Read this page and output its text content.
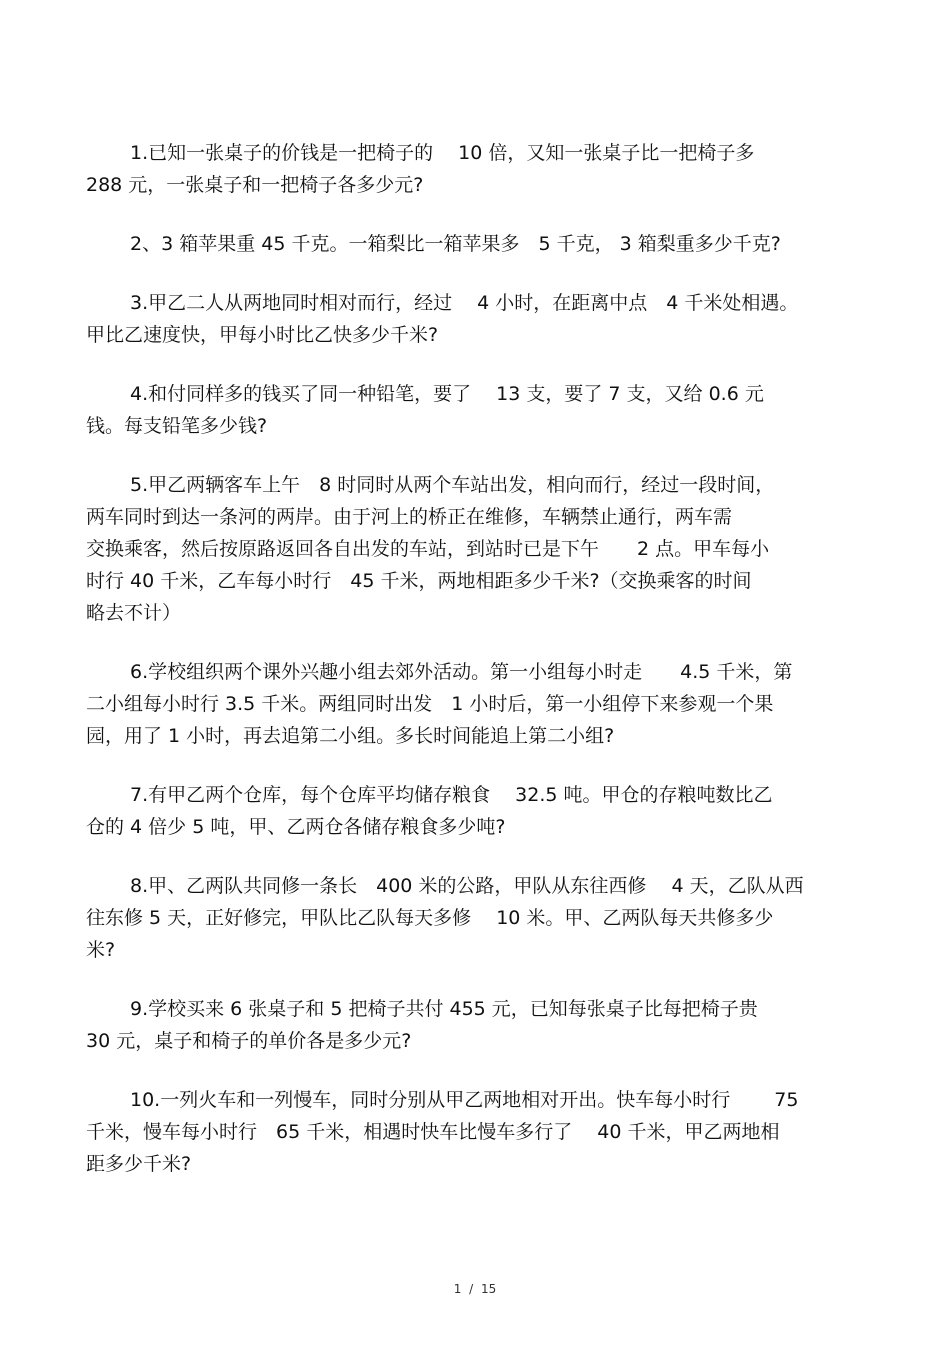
1.已知一张桌子的价钱是一把椅子的　 10 倍，又知一张桌子比一把椅子多
288 元，一张桌子和一把椅子各多少元?
2、3 箱苹果重 45 千克。一箱梨比一箱苹果多　5 千克， 3 箱梨重多少千克?
3.甲乙二人从两地同时相对而行，经过　 4 小时，在距离中点　4 千米处相遇。
甲比乙速度快，甲每小时比乙快多少千米?
4.和付同样多的钱买了同一种铅笔，要了　 13 支，要了 7 支，又给 0.6 元
钱。每支铅笔多少钱?
5.甲乙两辆客车上午　8 时同时从两个车站出发，相向而行，经过一段时间，
两车同时到达一条河的两岸。由于河上的桥正在维修，车辆禁止通行，两车需
交换乘客，然后按原路返回各自出发的车站，到站时已是下午　　2 点。甲车每小
时行 40 千米，乙车每小时行　45 千米，两地相距多少千米?（交换乘客的时间
略去不计）
6.学校组织两个课外兴趣小组去郊外活动。第一小组每小时走　　4.5 千米，第
二小组每小时行 3.5 千米。两组同时出发　1 小时后，第一小组停下来参观一个果
园，用了 1 小时，再去追第二小组。多长时间能追上第二小组?
7.有甲乙两个仓库，每个仓库平均储存粮食　 32.5 吨。甲仓的存粮吨数比乙
仓的 4 倍少 5 吨，甲、乙两仓各储存粮食多少吨?
8.甲、乙两队共同修一条长　400 米的公路，甲队从东往西修　 4 天，乙队从西
往东修 5 天，正好修完，甲队比乙队每天多修　 10 米。甲、乙两队每天共修多少
米?
9.学校买来 6 张桌子和 5 把椅子共付 455 元，已知每张桌子比每把椅子贵
30 元，桌子和椅子的单价各是多少元?
10.一列火车和一列慢车，同时分别从甲乙两地相对开出。快车每小时行　　 75
千米，慢车每小时行　65 千米，相遇时快车比慢车多行了　 40 千米，甲乙两地相
距多少千米?
1 / 15
